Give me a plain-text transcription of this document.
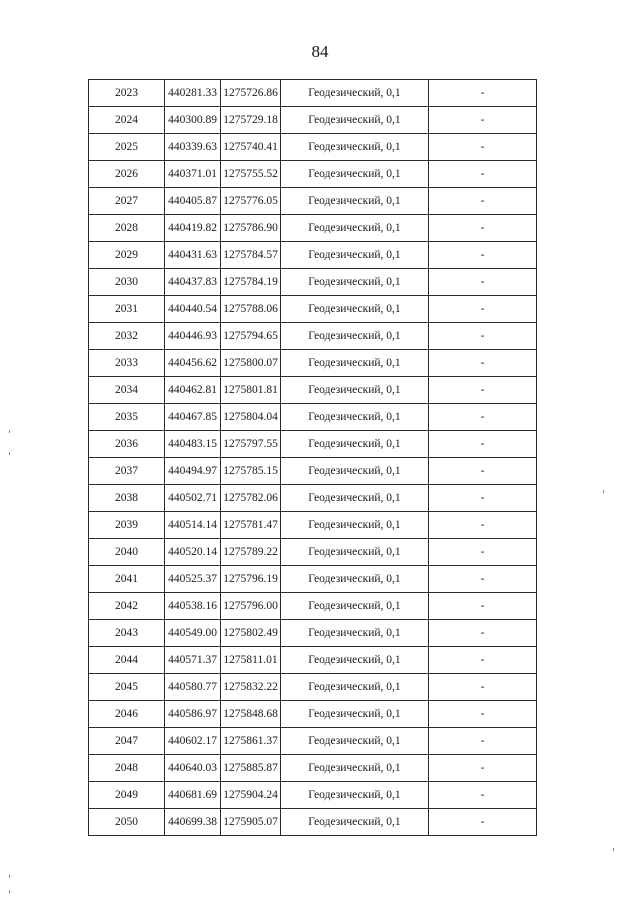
84
2023	440281.33	1275726.86	Геодезический, 0,1	-
2024	440300.89	1275729.18	Геодезический, 0,1	-
2025	440339.63	1275740.41	Геодезический, 0,1	-
2026	440371.01	1275755.52	Геодезический, 0,1	-
2027	440405.87	1275776.05	Геодезический, 0,1	-
2028	440419.82	1275786.90	Геодезический, 0,1	-
2029	440431.63	1275784.57	Геодезический, 0,1	-
2030	440437.83	1275784.19	Геодезический, 0,1	-
2031	440440.54	1275788.06	Геодезический, 0,1	-
2032	440446.93	1275794.65	Геодезический, 0,1	-
2033	440456.62	1275800.07	Геодезический, 0,1	-
2034	440462.81	1275801.81	Геодезический, 0,1	-
2035	440467.85	1275804.04	Геодезический, 0,1	-
2036	440483.15	1275797.55	Геодезический, 0,1	-
2037	440494.97	1275785.15	Геодезический, 0,1	-
2038	440502.71	1275782.06	Геодезический, 0,1	-
2039	440514.14	1275781.47	Геодезический, 0,1	-
2040	440520.14	1275789.22	Геодезический, 0,1	-
2041	440525.37	1275796.19	Геодезический, 0,1	-
2042	440538.16	1275796.00	Геодезический, 0,1	-
2043	440549.00	1275802.49	Геодезический, 0,1	-
2044	440571.37	1275811.01	Геодезический, 0,1	-
2045	440580.77	1275832.22	Геодезический, 0,1	-
2046	440586.97	1275848.68	Геодезический, 0,1	-
2047	440602.17	1275861.37	Геодезический, 0,1	-
2048	440640.03	1275885.87	Геодезический, 0,1	-
2049	440681.69	1275904.24	Геодезический, 0,1	-
2050	440699.38	1275905.07	Геодезический, 0,1	-
